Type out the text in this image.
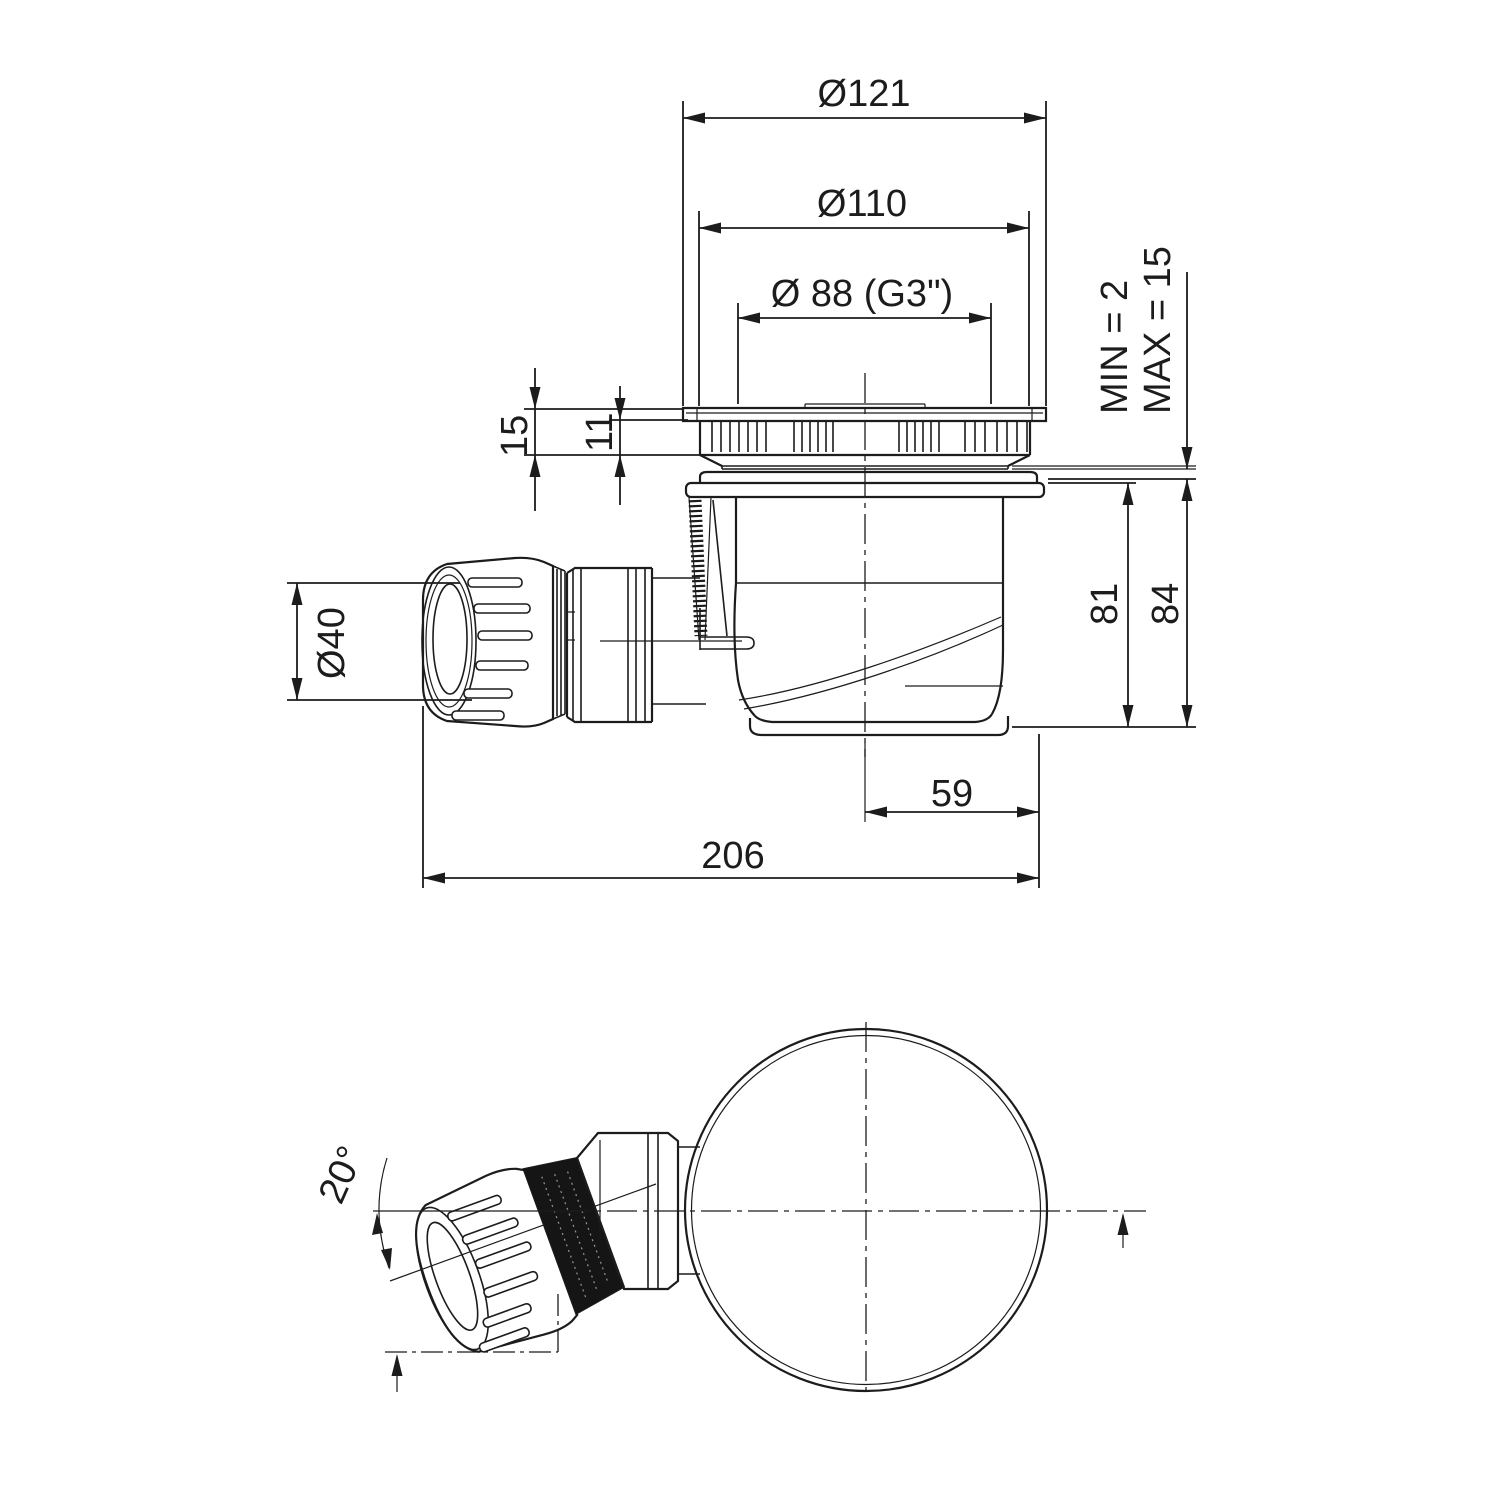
Ø121
Ø110
Ø 88 (G3")
15 11
Ø40
MIN = 2 MAX = 15
81 84
59
206
20°
